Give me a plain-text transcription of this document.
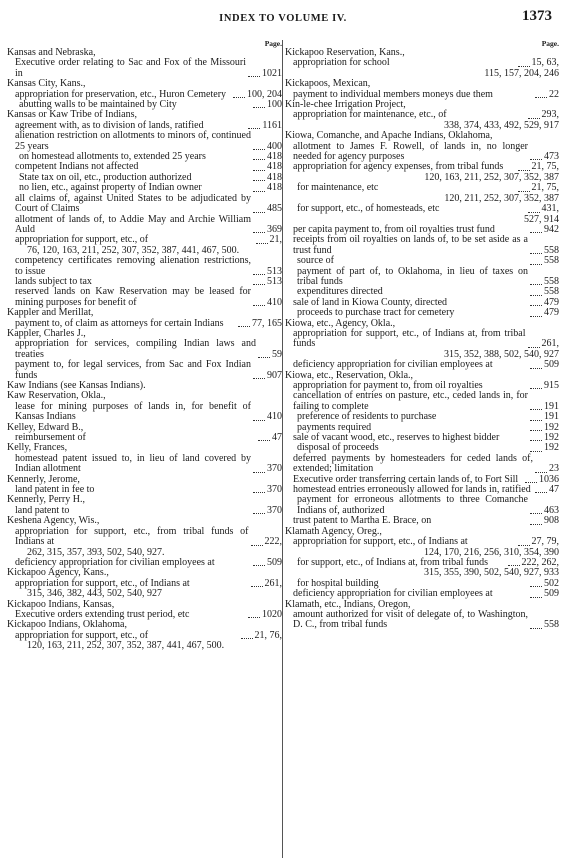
INDEX TO VOLUME IV.	1373
Page.
Kansas and Nebraska,
Executive order relating to Sac and Fox of the Missouri in	1021
Kansas City, Kans.,
appropriation for preservation, etc., Huron Cemetery	100, 204
abutting walls to be maintained by City	100
Kansas or Kaw Tribe of Indians,
agreement with, as to division of lands, ratified	1161
alienation restriction on allotments to minors of, continued 25 years	400
on homestead allotments to, extended 25 years	418
competent Indians not affected	418
State tax on oil, etc., production authorized	418
no lien, etc., against property of Indian owner	418
all claims of, against United States to be adjudicated by Court of Claims	485
allotment of lands of, to Addie May and Archie William Auld	369
appropriation for support, etc., of	21,
76, 120, 163, 211, 252, 307, 352, 387, 441, 467, 500.
competency certificates removing alienation restrictions, to issue	513
lands subject to tax	513
reserved lands on Kaw Reservation may be leased for mining purposes for benefit of	410
Kappler and Merillat,
payment to, of claim as attorneys for certain Indians	77, 165
Kappler, Charles J.,
appropriation for services, compiling Indian laws and treaties	59
payment to, for legal services, from Sac and Fox Indian funds	907
Kaw Indians (see Kansas Indians).
Kaw Reservation, Okla.,
lease for mining purposes of lands in, for benefit of Kansas Indians	410
Kelley, Edward B.,
reimbursement of	47
Kelly, Frances,
homestead patent issued to, in lieu of land covered by Indian allotment	370
Kennerly, Jerome,
land patent in fee to	370
Kennerly, Perry H.,
land patent to	370
Keshena Agency, Wis.,
appropriation for support, etc., from tribal funds of Indians at	222,
262, 315, 357, 393, 502, 540, 927.
deficiency appropriation for civilian employees at	509
Kickapoo Agency, Kans.,
appropriation for support, etc., of Indians at	261,
315, 346, 382, 443, 502, 540, 927
Kickapoo Indians, Kansas,
Executive orders extending trust period, etc	1020
Kickapoo Indians, Oklahoma,
appropriation for support, etc., of	21, 76,
120, 163, 211, 252, 307, 352, 387, 441, 467, 500.
Page.
Kickapoo Reservation, Kans.,
appropriation for school	15, 63,
115, 157, 204, 246
Kickapoos, Mexican,
payment to individual members moneys due them	22
Kin-le-chee Irrigation Project,
appropriation for maintenance, etc., of	293,
338, 374, 433, 492, 529, 917
Kiowa, Comanche, and Apache Indians, Oklahoma,
allotment to James F. Rowell, of lands in, no longer needed for agency purposes	473
appropriation for agency expenses, from tribal funds	21, 75,
120, 163, 211, 252, 307, 352, 387
for maintenance, etc	21, 75,
120, 211, 252, 307, 352, 387
for support, etc., of homesteads, etc	431,
527, 914
per capita payment to, from oil royalties trust fund	942
receipts from oil royalties on lands of, to be set aside as a trust fund	558
source of	558
payment of part of, to Oklahoma, in lieu of taxes on tribal funds	558
expenditures directed	558
sale of land in Kiowa County, directed	479
proceeds to purchase tract for cemetery	479
Kiowa, etc., Agency, Okla.,
appropriation for support, etc., of Indians at, from tribal funds	261,
315, 352, 388, 502, 540, 927
deficiency appropriation for civilian employees at	509
Kiowa, etc., Reservation, Okla.,
appropriation for payment to, from oil royalties	915
cancellation of entries on pasture, etc., ceded lands in, for failing to complete	191
preference of residents to purchase	191
payments required	192
sale of vacant wood, etc., reserves to highest bidder	192
disposal of proceeds	192
deferred payments by homesteaders for ceded lands of, extended; limitation	23
Executive order transferring certain lands of, to Fort Sill	1036
homestead entries erroneously allowed for lands in, ratified 47
payment for erroneous allotments to three Comanche Indians of, authorized	463
trust patent to Martha E. Brace, on	908
Klamath Agency, Oreg.,
appropriation for support, etc., of Indians at	27, 79,
124, 170, 216, 256, 310, 354, 390
for support, etc., of Indians at, from tribal funds	222, 262,
315, 355, 390, 502, 540, 927, 933
for hospital building	502
deficiency appropriation for civilian employees at	509
Klamath, etc., Indians, Oregon,
amount authorized for visit of delegate of, to Washington, D. C., from tribal funds	558
